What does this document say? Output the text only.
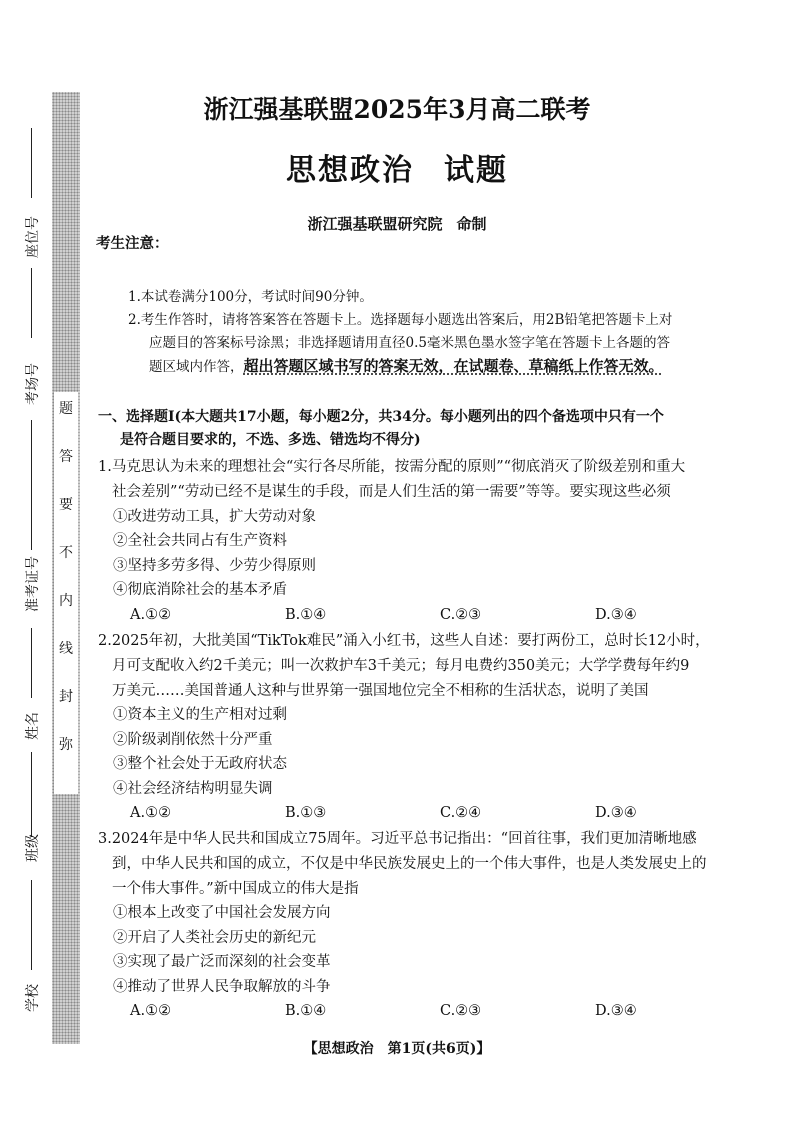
题
答
要
不
内
线
封
弥
座位号
考场号
准考证号
姓名
班级
学校
浙江强基联盟2025年3月高二联考
思想政治 试题
浙江强基联盟研究院 命制
考生注意：
1.本试卷满分100分，考试时间90分钟。
2.考生作答时，请将答案答在答题卡上。选择题每小题选出答案后，用2B铅笔把答题卡上对
应题目的答案标号涂黑；非选择题请用直径0.5毫米黑色墨水签字笔在答题卡上各题的答
题区域内作答，超出答题区域书写的答案无效，在试题卷、草稿纸上作答无效。
一、选择题Ⅰ(本大题共17小题，每小题2分，共34分。每小题列出的四个备选项中只有一个
是符合题目要求的，不选、多选、错选均不得分)
1.马克思认为未来的理想社会“实行各尽所能，按需分配的原则”“彻底消灭了阶级差别和重大
社会差别”“劳动已经不是谋生的手段，而是人们生活的第一需要”等等。要实现这些必须
①改进劳动工具，扩大劳动对象
②全社会共同占有生产资料
③坚持多劳多得、少劳少得原则
④彻底消除社会的基本矛盾
A.①②	B.①④	C.②③	D.③④
2.2025年初，大批美国“TikTok难民”涌入小红书，这些人自述：要打两份工，总时长12小时，
月可支配收入约2千美元；叫一次救护车3千美元；每月电费约350美元；大学学费每年约9
万美元……美国普通人这种与世界第一强国地位完全不相称的生活状态，说明了美国
①资本主义的生产相对过剩
②阶级剥削依然十分严重
③整个社会处于无政府状态
④社会经济结构明显失调
A.①②	B.①③	C.②④	D.③④
3.2024年是中华人民共和国成立75周年。习近平总书记指出：“回首往事，我们更加清晰地感
到，中华人民共和国的成立，不仅是中华民族发展史上的一个伟大事件，也是人类发展史上的
一个伟大事件。”新中国成立的伟大是指
①根本上改变了中国社会发展方向
②开启了人类社会历史的新纪元
③实现了最广泛而深刻的社会变革
④推动了世界人民争取解放的斗争
A.①②	B.①④	C.②③	D.③④
【思想政治　第1页(共6页)】
